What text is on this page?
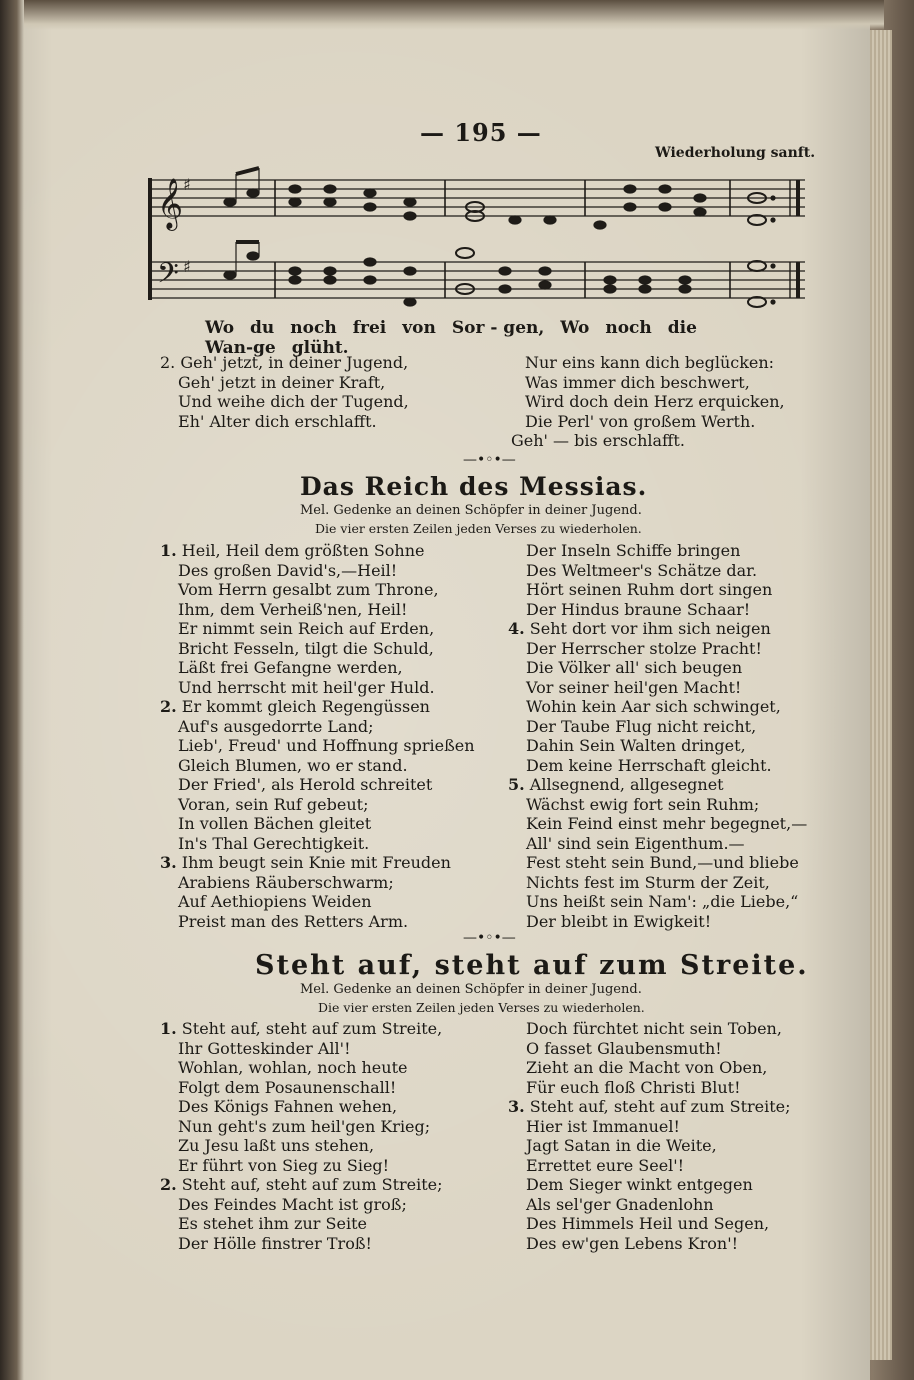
— 195 —
Wiederholung sanft.
𝄞
𝄢
♯
♯
Wo du noch frei von Sor - gen, Wo noch dieWan-ge glüht.
2. Geh' jetzt, in deiner Jugend,
Geh' jetzt in deiner Kraft,
Und weihe dich der Tugend,
Eh' Alter dich erschlafft.
Nur eins kann dich beglücken:
Was immer dich beschwert,
Wird doch dein Herz erquicken,
Die Perl' von großem Werth.
Geh' — bis erschlafft.
—•◦•—
Das Reich des Messias.
Mel. Gedenke an deinen Schöpfer in deiner Jugend.
Die vier ersten Zeilen jeden Verses zu wiederholen.
1. Heil, Heil dem größten Sohne
Des großen David's,—Heil!
Vom Herrn gesalbt zum Throne,
Ihm, dem Verheiß'nen, Heil!
Er nimmt sein Reich auf Erden,
Bricht Fesseln, tilgt die Schuld,
Läßt frei Gefangne werden,
Und herrscht mit heil'ger Huld.
2. Er kommt gleich Regengüssen
Auf's ausgedorrte Land;
Lieb', Freud' und Hoffnung sprießen
Gleich Blumen, wo er stand.
Der Fried', als Herold schreitet
Voran, sein Ruf gebeut;
In vollen Bächen gleitet
In's Thal Gerechtigkeit.
3. Ihm beugt sein Knie mit Freuden
Arabiens Räuberschwarm;
Auf Aethiopiens Weiden
Preist man des Retters Arm.
Der Inseln Schiffe bringen
Des Weltmeer's Schätze dar.
Hört seinen Ruhm dort singen
Der Hindus braune Schaar!
4. Seht dort vor ihm sich neigen
Der Herrscher stolze Pracht!
Die Völker all' sich beugen
Vor seiner heil'gen Macht!
Wohin kein Aar sich schwinget,
Der Taube Flug nicht reicht,
Dahin Sein Walten dringet,
Dem keine Herrschaft gleicht.
5. Allsegnend, allgesegnet
Wächst ewig fort sein Ruhm;
Kein Feind einst mehr begegnet,—
All' sind sein Eigenthum.—
Fest steht sein Bund,—und bliebe
Nichts fest im Sturm der Zeit,
Uns heißt sein Nam': „die Liebe,“
Der bleibt in Ewigkeit!
—•◦•—
Steht auf, steht auf zum Streite.
Mel. Gedenke an deinen Schöpfer in deiner Jugend.
Die vier ersten Zeilen jeden Verses zu wiederholen.
1. Steht auf, steht auf zum Streite,
Ihr Gotteskinder All'!
Wohlan, wohlan, noch heute
Folgt dem Posaunenschall!
Des Königs Fahnen wehen,
Nun geht's zum heil'gen Krieg;
Zu Jesu laßt uns stehen,
Er führt von Sieg zu Sieg!
2. Steht auf, steht auf zum Streite;
Des Feindes Macht ist groß;
Es stehet ihm zur Seite
Der Hölle finstrer Troß!
Doch fürchtet nicht sein Toben,
O fasset Glaubensmuth!
Zieht an die Macht von Oben,
Für euch floß Christi Blut!
3. Steht auf, steht auf zum Streite;
Hier ist Immanuel!
Jagt Satan in die Weite,
Errettet eure Seel'!
Dem Sieger winkt entgegen
Als sel'ger Gnadenlohn
Des Himmels Heil und Segen,
Des ew'gen Lebens Kron'!
